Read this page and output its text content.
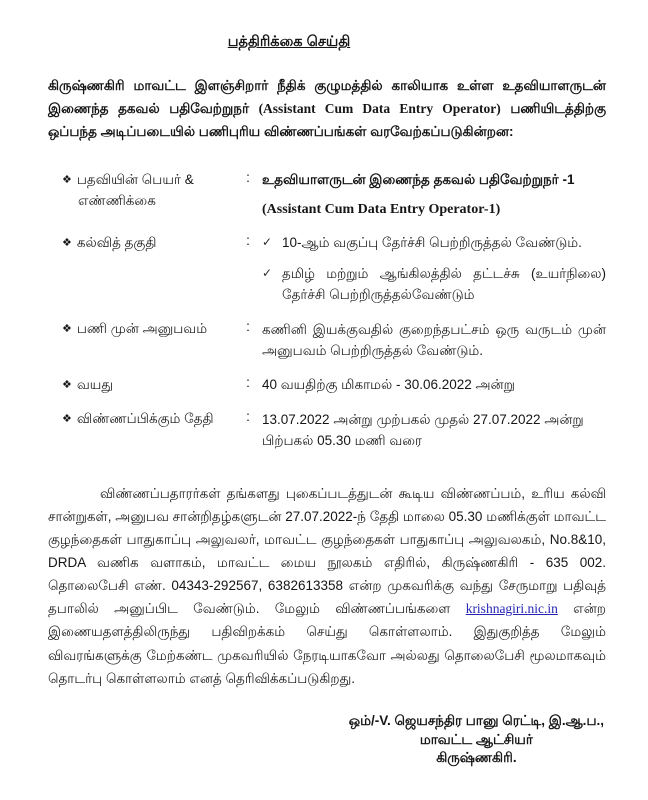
பத்திரிக்கை செய்தி

கிருஷ்ணகிரி மாவட்ட இளஞ்சிறார் நீதிக் குழுமத்தில் காலியாக உள்ள உதவியாளருடன் இணைந்த தகவல் பதிவேற்றுநர் (Assistant Cum Data Entry Operator) பணியிடத்திற்கு ஒப்பந்த அடிப்படையில் பணிபுரிய விண்ணப்பங்கள் வரவேற்கப்படுகின்றன:

❖ பதவியின் பெயர் &
எண்ணிக்கை
: உதவியாளருடன் இணைந்த தகவல் பதிவேற்றுநர் -1
(Assistant Cum Data Entry Operator-1)
❖ கல்வித் தகுதி	:	✓ 10-ஆம் வகுப்பு தேர்ச்சி பெற்றிருத்தல் வேண்டும்.
✓ தமிழ் மற்றும் ஆங்கிலத்தில் தட்டச்சு (உயர்நிலை) தேர்ச்சி பெற்றிருத்தல்வேண்டும்
❖ பணி முன் அனுபவம்	: கணினி இயக்குவதில் குறைந்தபட்சம் ஒரு வருடம் முன் அனுபவம் பெற்றிருத்தல் வேண்டும்.
❖ வயது	: 40 வயதிற்கு மிகாமல் - 30.06.2022 அன்று
❖ விண்ணப்பிக்கும் தேதி	: 13.07.2022 அன்று முற்பகல் முதல் 27.07.2022 அன்று பிற்பகல் 05.30 மணி வரை

விண்ணப்பதாரர்கள் தங்களது புகைப்படத்துடன் கூடிய விண்ணப்பம், உரிய கல்வி சான்றுகள், அனுபவ சான்றிதழ்களுடன் 27.07.2022-ந் தேதி மாலை 05.30 மணிக்குள் மாவட்ட குழந்தைகள் பாதுகாப்பு அலுவலர், மாவட்ட குழந்தைகள் பாதுகாப்பு அலுவலகம், No.8&10, DRDA வணிக வளாகம், மாவட்ட மைய நூலகம் எதிரில், கிருஷ்ணகிரி - 635 002. தொலைபேசி எண். 04343-292567, 6382613358 என்ற முகவரிக்கு வந்து சேருமாறு பதிவுத் தபாலில் அனுப்பிட வேண்டும். மேலும் விண்ணப்பங்களை krishnagiri.nic.in என்ற இணையதளத்திலிருந்து பதிவிறக்கம் செய்து கொள்ளலாம். இதுகுறித்த மேலும் விவரங்களுக்கு மேற்கண்ட முகவரியில் நேரடியாகவோ அல்லது தொலைபேசி மூலமாகவும் தொடர்பு கொள்ளலாம் எனத் தெரிவிக்கப்படுகிறது.

ஒம்/-V. ஜெயசந்திர பானு ரெட்டி, இ.ஆ.ப.,
மாவட்ட ஆட்சியர்
கிருஷ்ணகிரி.
